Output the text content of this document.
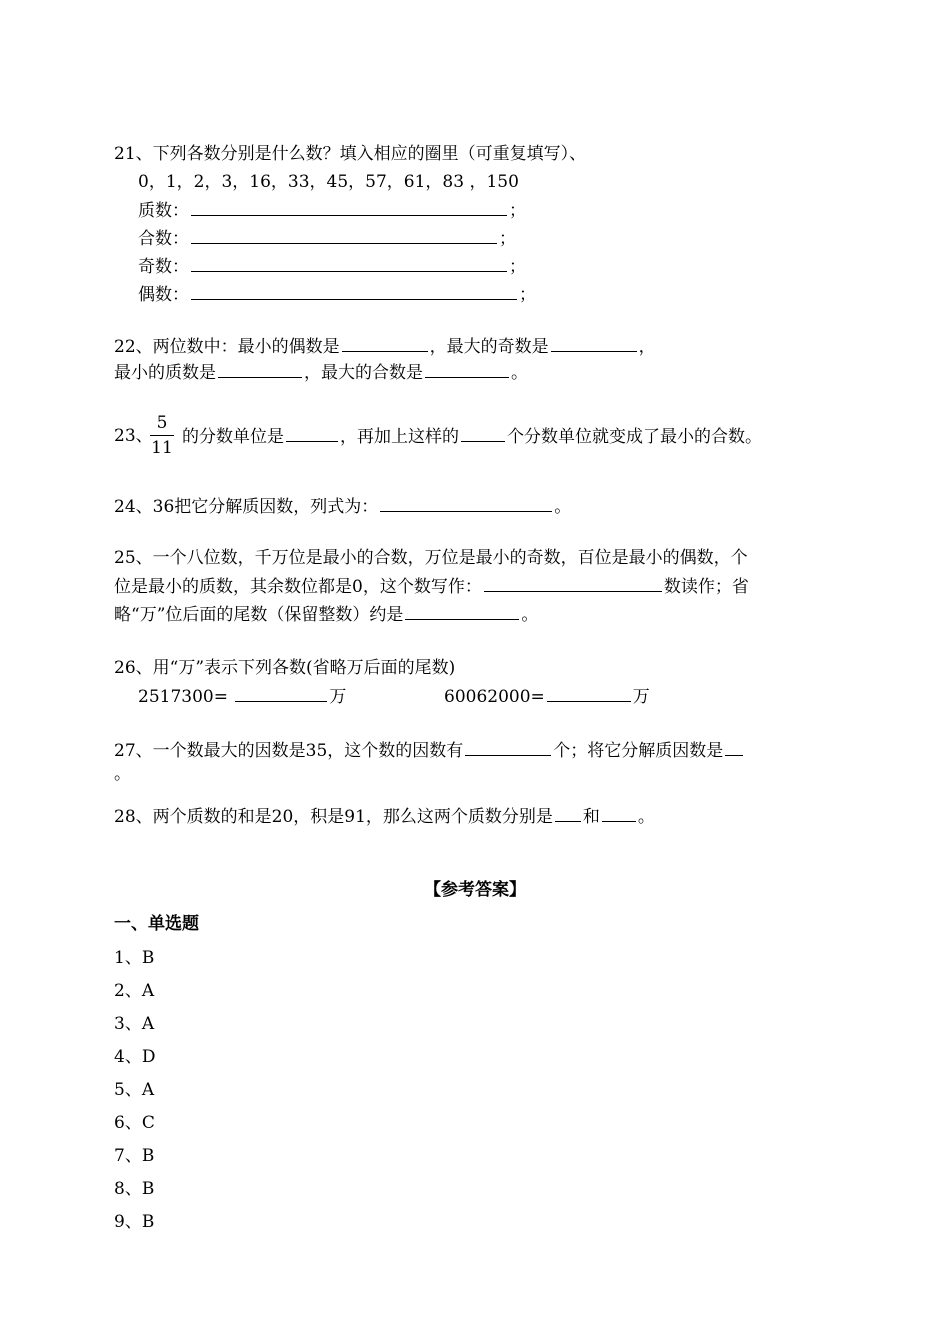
21、下列各数分别是什么数？填入相应的圈里（可重复填写）、
0，1，2，3，16，33，45，57，61，83 ，150
质数：	；
合数：	；
奇数：	；
偶数：	；
22、两位数中：最小的偶数是	，最大的奇数是	，
最小的质数是	，最大的合数是	。
23、
5
11
的分数单位是	，再加上这样的	个分数单位就变成了最小的合数。
24、36把它分解质因数，列式为：	。
25、一个八位数，千万位是最小的合数，万位是最小的奇数，百位是最小的偶数，个
位是最小的质数，其余数位都是0，这个数写作：	数读作；省
略“万”位后面的尾数（保留整数）约是	。
26、用“万”表示下列各数(省略万后面的尾数)
2517300=	万	60062000=	万
27、一个数最大的因数是35，这个数的因数有	个；将它分解质因数是
。
28、两个质数的和是20，积是91，那么这两个质数分别是 和 。
【参考答案】
一、单选题
1、B
2、A
3、A
4、D
5、A
6、C
7、B
8、B
9、B
